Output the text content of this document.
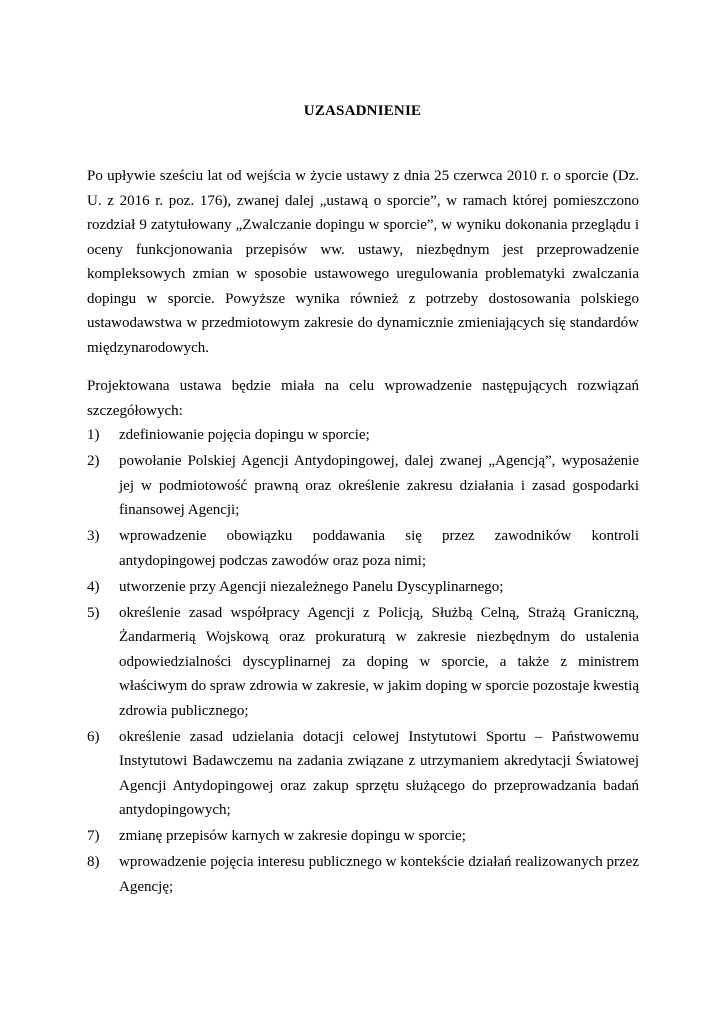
UZASADNIENIE

Po upływie sześciu lat od wejścia w życie ustawy z dnia 25 czerwca 2010 r. o sporcie (Dz. U. z 2016 r. poz. 176), zwanej dalej „ustawą o sporcie”, w ramach której pomieszczono rozdział 9 zatytułowany „Zwalczanie dopingu w sporcie”, w wyniku dokonania przeglądu i oceny funkcjonowania przepisów ww. ustawy, niezbędnym jest przeprowadzenie kompleksowych zmian w sposobie ustawowego uregulowania problematyki zwalczania dopingu w sporcie. Powyższe wynika również z potrzeby dostosowania polskiego ustawodawstwa w przedmiotowym zakresie do dynamicznie zmieniających się standardów międzynarodowych.

Projektowana ustawa będzie miała na celu wprowadzenie następujących rozwiązań szczegółowych:

1) zdefiniowanie pojęcia dopingu w sporcie;
2) powołanie Polskiej Agencji Antydopingowej, dalej zwanej „Agencją”, wyposażenie jej w podmiotowość prawną oraz określenie zakresu działania i zasad gospodarki finansowej Agencji;
3) wprowadzenie obowiązku poddawania się przez zawodników kontroli antydopingowej podczas zawodów oraz poza nimi;
4) utworzenie przy Agencji niezależnego Panelu Dyscyplinarnego;
5) określenie zasad współpracy Agencji z Policją, Służbą Celną, Strażą Graniczną, Żandarmerią Wojskową oraz prokuraturą w zakresie niezbędnym do ustalenia odpowiedzialności dyscyplinarnej za doping w sporcie, a także z ministrem właściwym do spraw zdrowia w zakresie, w jakim doping w sporcie pozostaje kwestią zdrowia publicznego;
6) określenie zasad udzielania dotacji celowej Instytutowi Sportu – Państwowemu Instytutowi Badawczemu na zadania związane z utrzymaniem akredytacji Światowej Agencji Antydopingowej oraz zakup sprzętu służącego do przeprowadzania badań antydopingowych;
7) zmianę przepisów karnych w zakresie dopingu w sporcie;
8) wprowadzenie pojęcia interesu publicznego w kontekście działań realizowanych przez Agencję;
